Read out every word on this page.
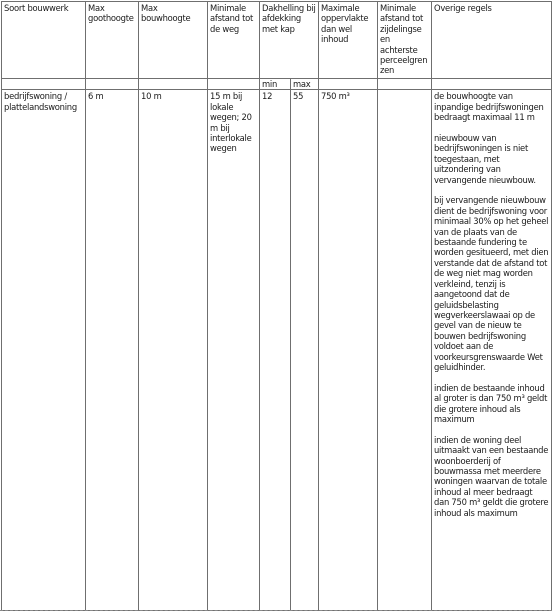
Soort bouwwerk	Max goothoogte	Max bouwhoogte	Minimale afstand tot de weg	Dakhelling bij afdekking met kap		Maximale oppervlakte dan wel inhoud	Minimale afstand tot zijdelingse en achterste perceelgrenzen	Overige regels
				min	max			
bedrijfswoning / plattelandswoning	6 m	10 m	15 m bij lokale wegen; 20 m bij interlokale wegen	12	55	750 m³		de bouwhoogte van inpandige bedrijfswoningen bedraagt maximaal 11 m

nieuwbouw van bedrijfswoningen is niet toegestaan, met uitzondering van vervangende nieuwbouw.

bij vervangende nieuwbouw dient de bedrijfswoning voor minimaal 30% op het geheel van de plaats van de bestaande fundering te worden gesitueerd, met dien verstande dat de afstand tot de weg niet mag worden verkleind, tenzij is aangetoond dat de geluidsbelasting wegverkeerslawaai op de gevel van de nieuw te bouwen bedrijfswoning voldoet aan de voorkeursgrenswaarde Wet geluidhinder.

indien de bestaande inhoud al groter is dan 750 m³ geldt die grotere inhoud als maximum

indien de woning deel uitmaakt van een bestaande woonboerderij of bouwmassa met meerdere woningen waarvan de totale inhoud al meer bedraagt dan 750 m³ geldt die grotere inhoud als maximum
